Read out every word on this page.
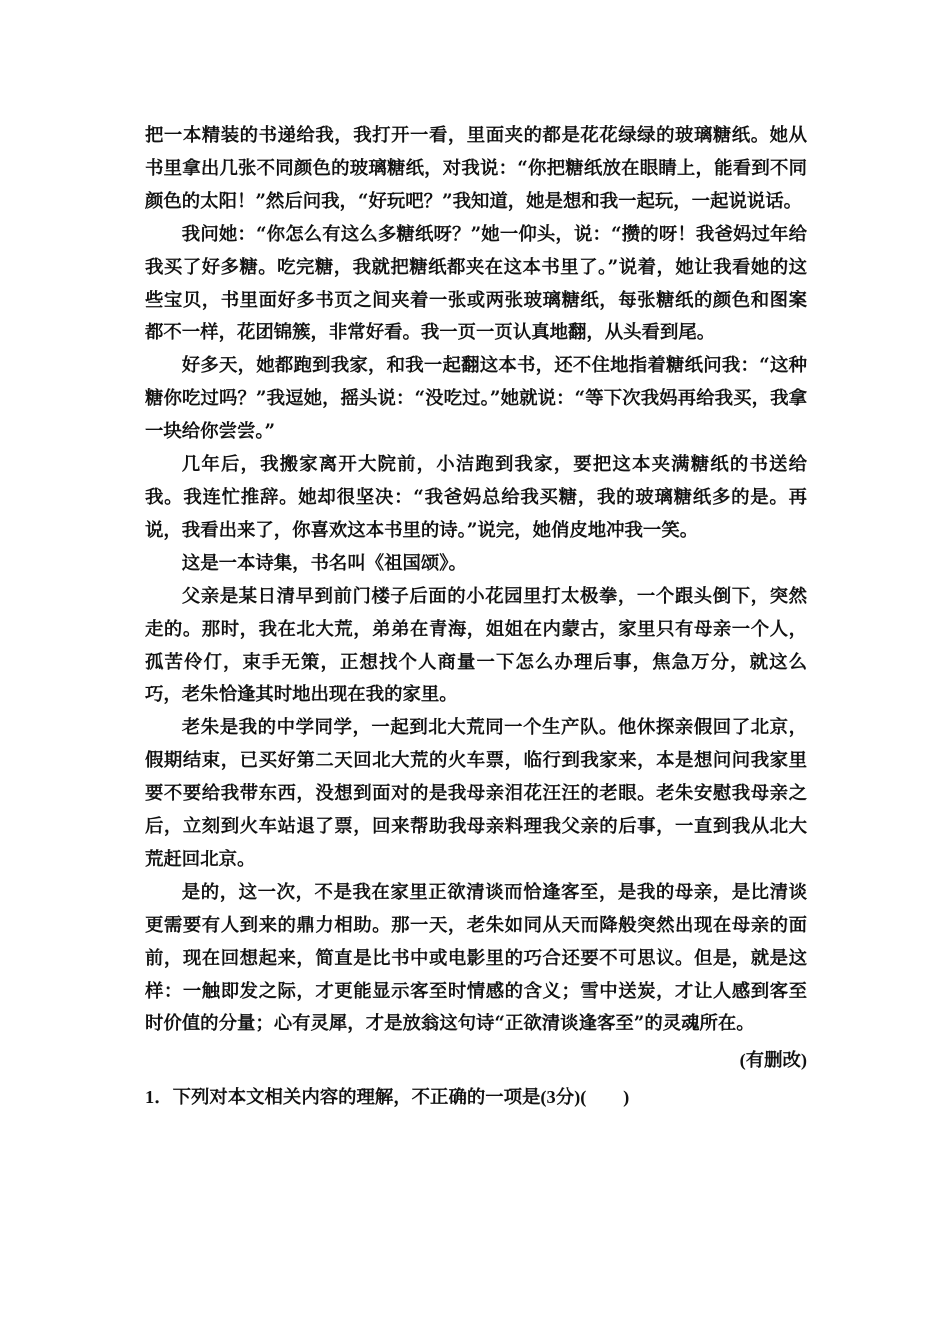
把一本精装的书递给我，我打开一看，里面夹的都是花花绿绿的玻璃糖纸。她从书里拿出几张不同颜色的玻璃糖纸，对我说：“你把糖纸放在眼睛上，能看到不同颜色的太阳！”然后问我，“好玩吧？”我知道，她是想和我一起玩，一起说说话。

我问她：“你怎么有这么多糖纸呀？”她一仰头，说：“攒的呀！我爸妈过年给我买了好多糖。吃完糖，我就把糖纸都夹在这本书里了。”说着，她让我看她的这些宝贝，书里面好多书页之间夹着一张或两张玻璃糖纸，每张糖纸的颜色和图案都不一样，花团锦簇，非常好看。我一页一页认真地翻，从头看到尾。

好多天，她都跑到我家，和我一起翻这本书，还不住地指着糖纸问我：“这种糖你吃过吗？”我逗她，摇头说：“没吃过。”她就说：“等下次我妈再给我买，我拿一块给你尝尝。”

几年后，我搬家离开大院前，小洁跑到我家，要把这本夹满糖纸的书送给我。我连忙推辞。她却很坚决：“我爸妈总给我买糖，我的玻璃糖纸多的是。再说，我看出来了，你喜欢这本书里的诗。”说完，她俏皮地冲我一笑。

这是一本诗集，书名叫《祖国颂》。

父亲是某日清早到前门楼子后面的小花园里打太极拳，一个跟头倒下，突然走的。那时，我在北大荒，弟弟在青海，姐姐在内蒙古，家里只有母亲一个人，孤苦伶仃，束手无策，正想找个人商量一下怎么办理后事，焦急万分，就这么巧，老朱恰逢其时地出现在我的家里。

老朱是我的中学同学，一起到北大荒同一个生产队。他休探亲假回了北京，假期结束，已买好第二天回北大荒的火车票，临行到我家来，本是想问问我家里要不要给我带东西，没想到面对的是我母亲泪花汪汪的老眼。老朱安慰我母亲之后，立刻到火车站退了票，回来帮助我母亲料理我父亲的后事，一直到我从北大荒赶回北京。

是的，这一次，不是我在家里正欲清谈而恰逢客至，是我的母亲，是比清谈更需要有人到来的鼎力相助。那一天，老朱如同从天而降般突然出现在母亲的面前，现在回想起来，简直是比书中或电影里的巧合还要不可思议。但是，就是这样：一触即发之际，才更能显示客至时情感的含义；雪中送炭，才让人感到客至时价值的分量；心有灵犀，才是放翁这句诗“正欲清谈逢客至”的灵魂所在。

(有删改)

1．下列对本文相关内容的理解，不正确的一项是(3分)(　　)
